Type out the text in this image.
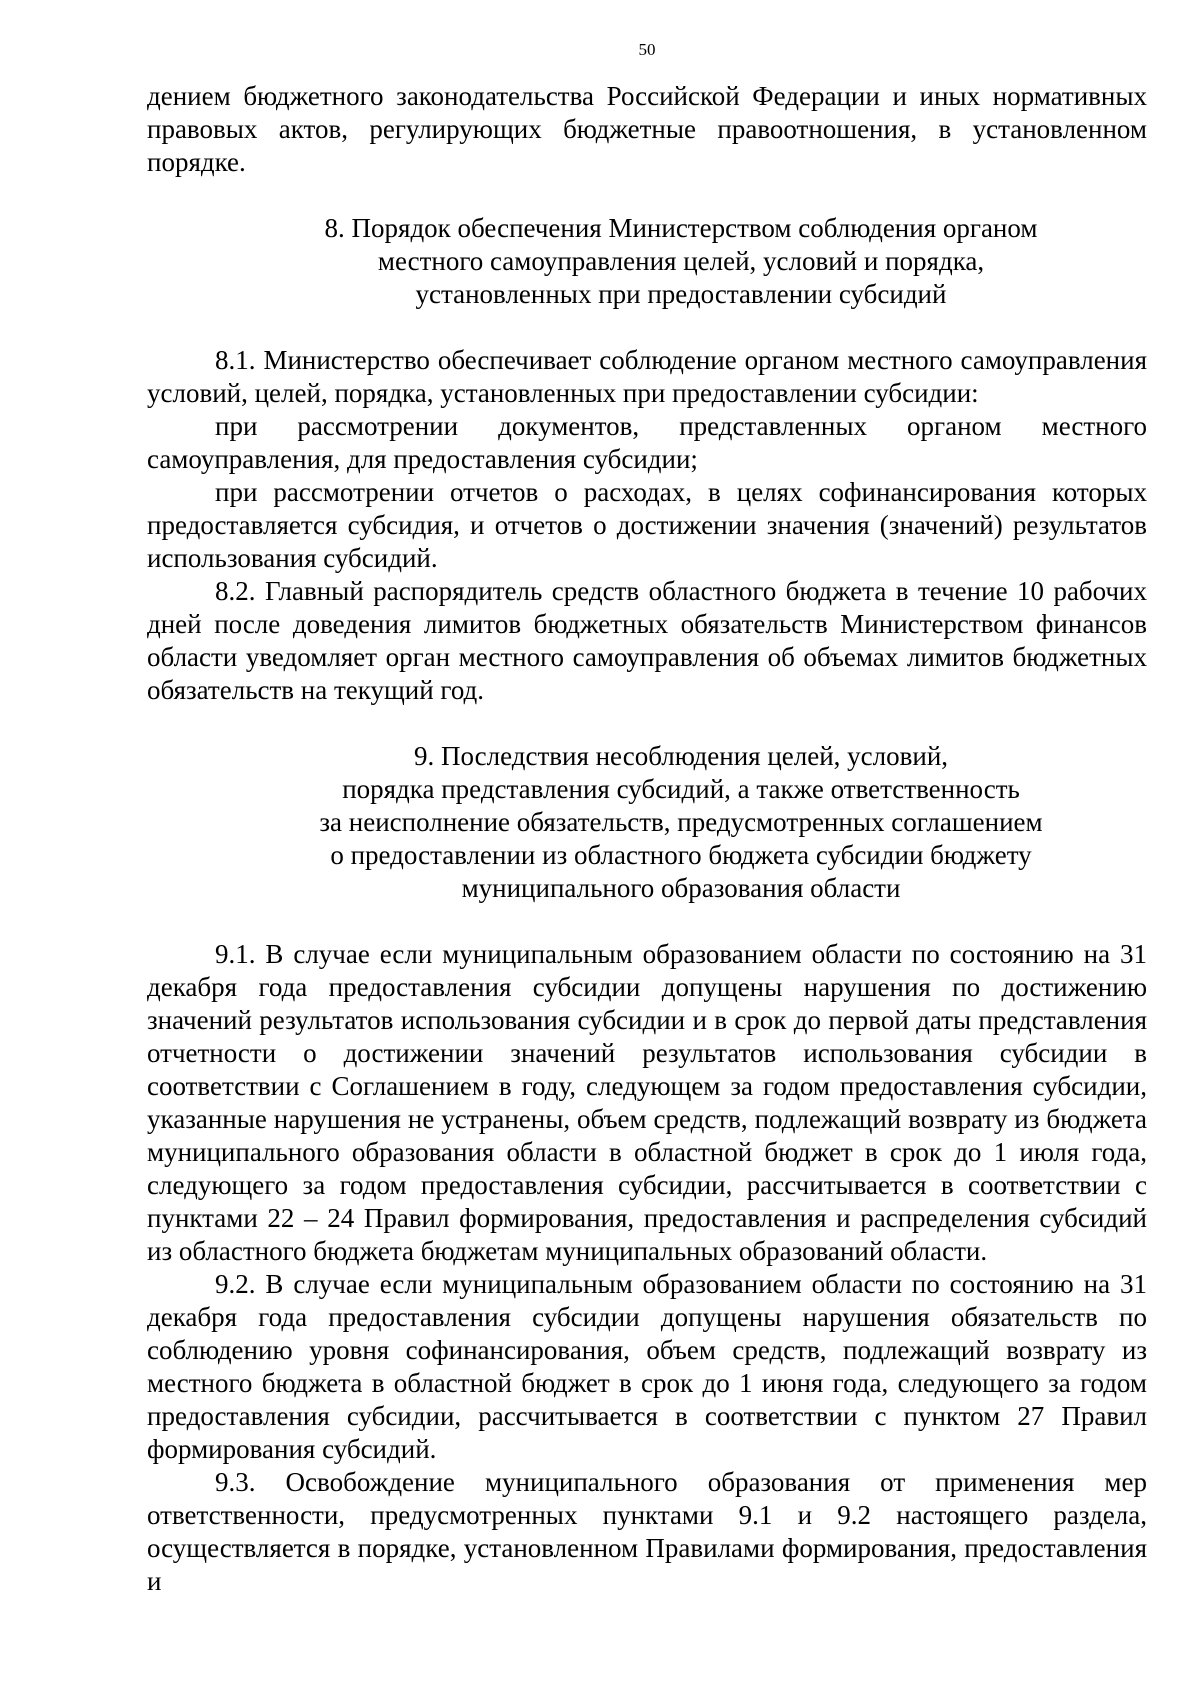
50

дением бюджетного законодательства Российской Федерации и иных нормативных правовых актов, регулирующих бюджетные правоотношения, в установленном порядке.

8. Порядок обеспечения Министерством соблюдения органом
местного самоуправления целей, условий и порядка,
установленных при предоставлении субсидий

8.1. Министерство обеспечивает соблюдение органом местного самоуправления условий, целей, порядка, установленных при предоставлении субсидии:

при рассмотрении документов, представленных органом местного самоуправления, для предоставления субсидии;

при рассмотрении отчетов о расходах, в целях софинансирования которых предоставляется субсидия, и отчетов о достижении значения (значений) результатов использования субсидий.

8.2. Главный распорядитель средств областного бюджета в течение 10 рабочих дней после доведения лимитов бюджетных обязательств Министерством финансов области уведомляет орган местного самоуправления об объемах лимитов бюджетных обязательств на текущий год.

9. Последствия несоблюдения целей, условий,
порядка представления субсидий, а также ответственность
за неисполнение обязательств, предусмотренных соглашением
о предоставлении из областного бюджета субсидии бюджету
муниципального образования области

9.1. В случае если муниципальным образованием области по состоянию на 31 декабря года предоставления субсидии допущены нарушения по достижению значений результатов использования субсидии и в срок до первой даты представления отчетности о достижении значений результатов использования субсидии в соответствии с Соглашением в году, следующем за годом предоставления субсидии, указанные нарушения не устранены, объем средств, подлежащий возврату из бюджета муниципального образования области в областной бюджет в срок до 1 июля года, следующего за годом предоставления субсидии, рассчитывается в соответствии с пунктами 22 – 24 Правил формирования, предоставления и распределения субсидий из областного бюджета бюджетам муниципальных образований области.

9.2. В случае если муниципальным образованием области по состоянию на 31 декабря года предоставления субсидии допущены нарушения обязательств по соблюдению уровня софинансирования, объем средств, подлежащий возврату из местного бюджета в областной бюджет в срок до 1 июня года, следующего за годом предоставления субсидии, рассчитывается в соответствии с пунктом 27 Правил формирования субсидий.

9.3. Освобождение муниципального образования от применения мер ответственности, предусмотренных пунктами 9.1 и 9.2 настоящего раздела, осуществляется в порядке, установленном Правилами формирования, предоставления и
